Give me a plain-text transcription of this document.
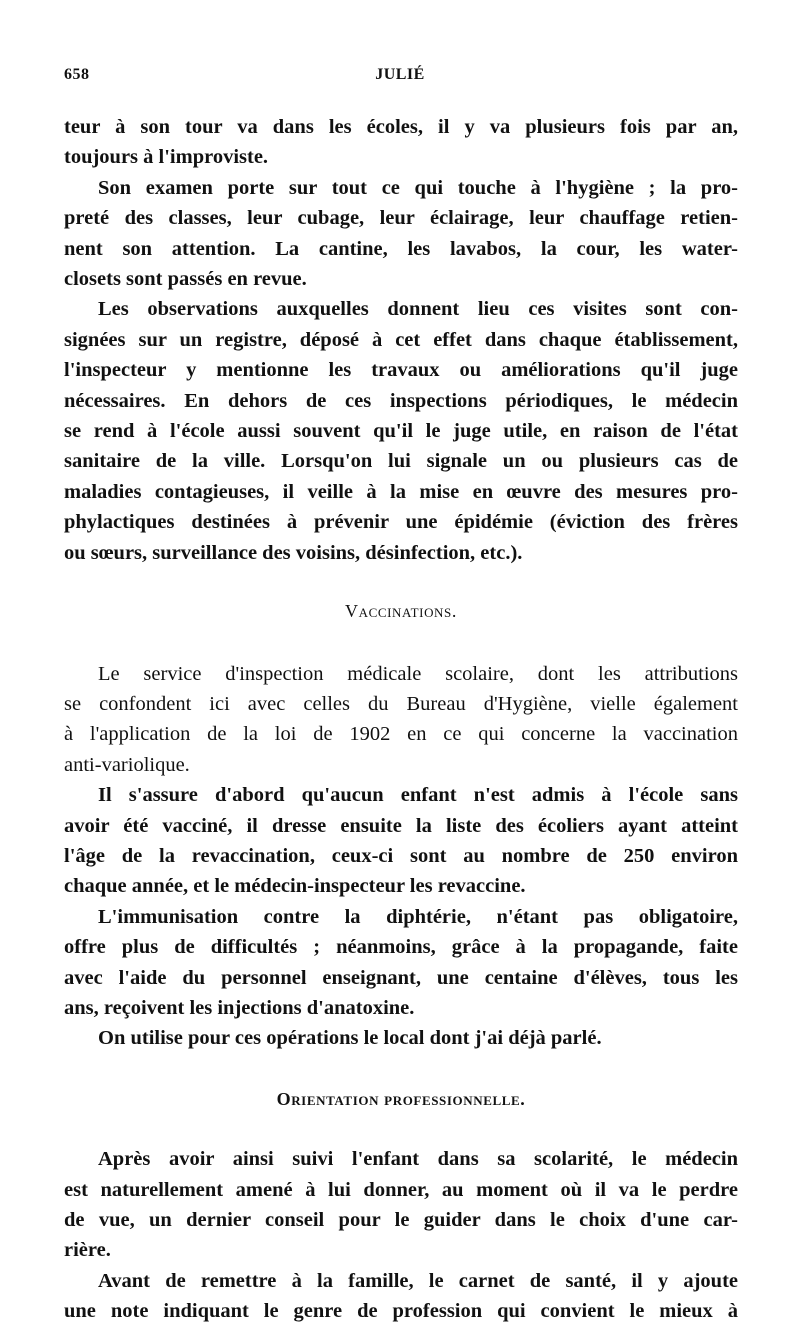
658	JULIÉ
teur à son tour va dans les écoles, il y va plusieurs fois par an,
toujours à l'improviste.
Son examen porte sur tout ce qui touche à l'hygiène ; la pro-
preté des classes, leur cubage, leur éclairage, leur chauffage retien-
nent son attention. La cantine, les lavabos, la cour, les water-
closets sont passés en revue.
Les observations auxquelles donnent lieu ces visites sont con-
signées sur un registre, déposé à cet effet dans chaque établissement,
l'inspecteur y mentionne les travaux ou améliorations qu'il juge
nécessaires. En dehors de ces inspections périodiques, le médecin
se rend à l'école aussi souvent qu'il le juge utile, en raison de l'état
sanitaire de la ville. Lorsqu'on lui signale un ou plusieurs cas de
maladies contagieuses, il veille à la mise en œuvre des mesures pro-
phylactiques destinées à prévenir une épidémie (éviction des frères
ou sœurs, surveillance des voisins, désinfection, etc.).
Vaccinations.
Le service d'inspection médicale scolaire, dont les attributions
se confondent ici avec celles du Bureau d'Hygiène, vielle également
à l'application de la loi de 1902 en ce qui concerne la vaccination
anti-variolique.
Il s'assure d'abord qu'aucun enfant n'est admis à l'école sans
avoir été vacciné, il dresse ensuite la liste des écoliers ayant atteint
l'âge de la revaccination, ceux-ci sont au nombre de 250 environ
chaque année, et le médecin-inspecteur les revaccine.
L'immunisation contre la diphtérie, n'étant pas obligatoire,
offre plus de difficultés ; néanmoins, grâce à la propagande, faite
avec l'aide du personnel enseignant, une centaine d'élèves, tous les
ans, reçoivent les injections d'anatoxine.
On utilise pour ces opérations le local dont j'ai déjà parlé.
Orientation professionnelle.
Après avoir ainsi suivi l'enfant dans sa scolarité, le médecin
est naturellement amené à lui donner, au moment où il va le perdre
de vue, un dernier conseil pour le guider dans le choix d'une car-
rière.
Avant de remettre à la famille, le carnet de santé, il y ajoute
une note indiquant le genre de profession qui convient le mieux à
